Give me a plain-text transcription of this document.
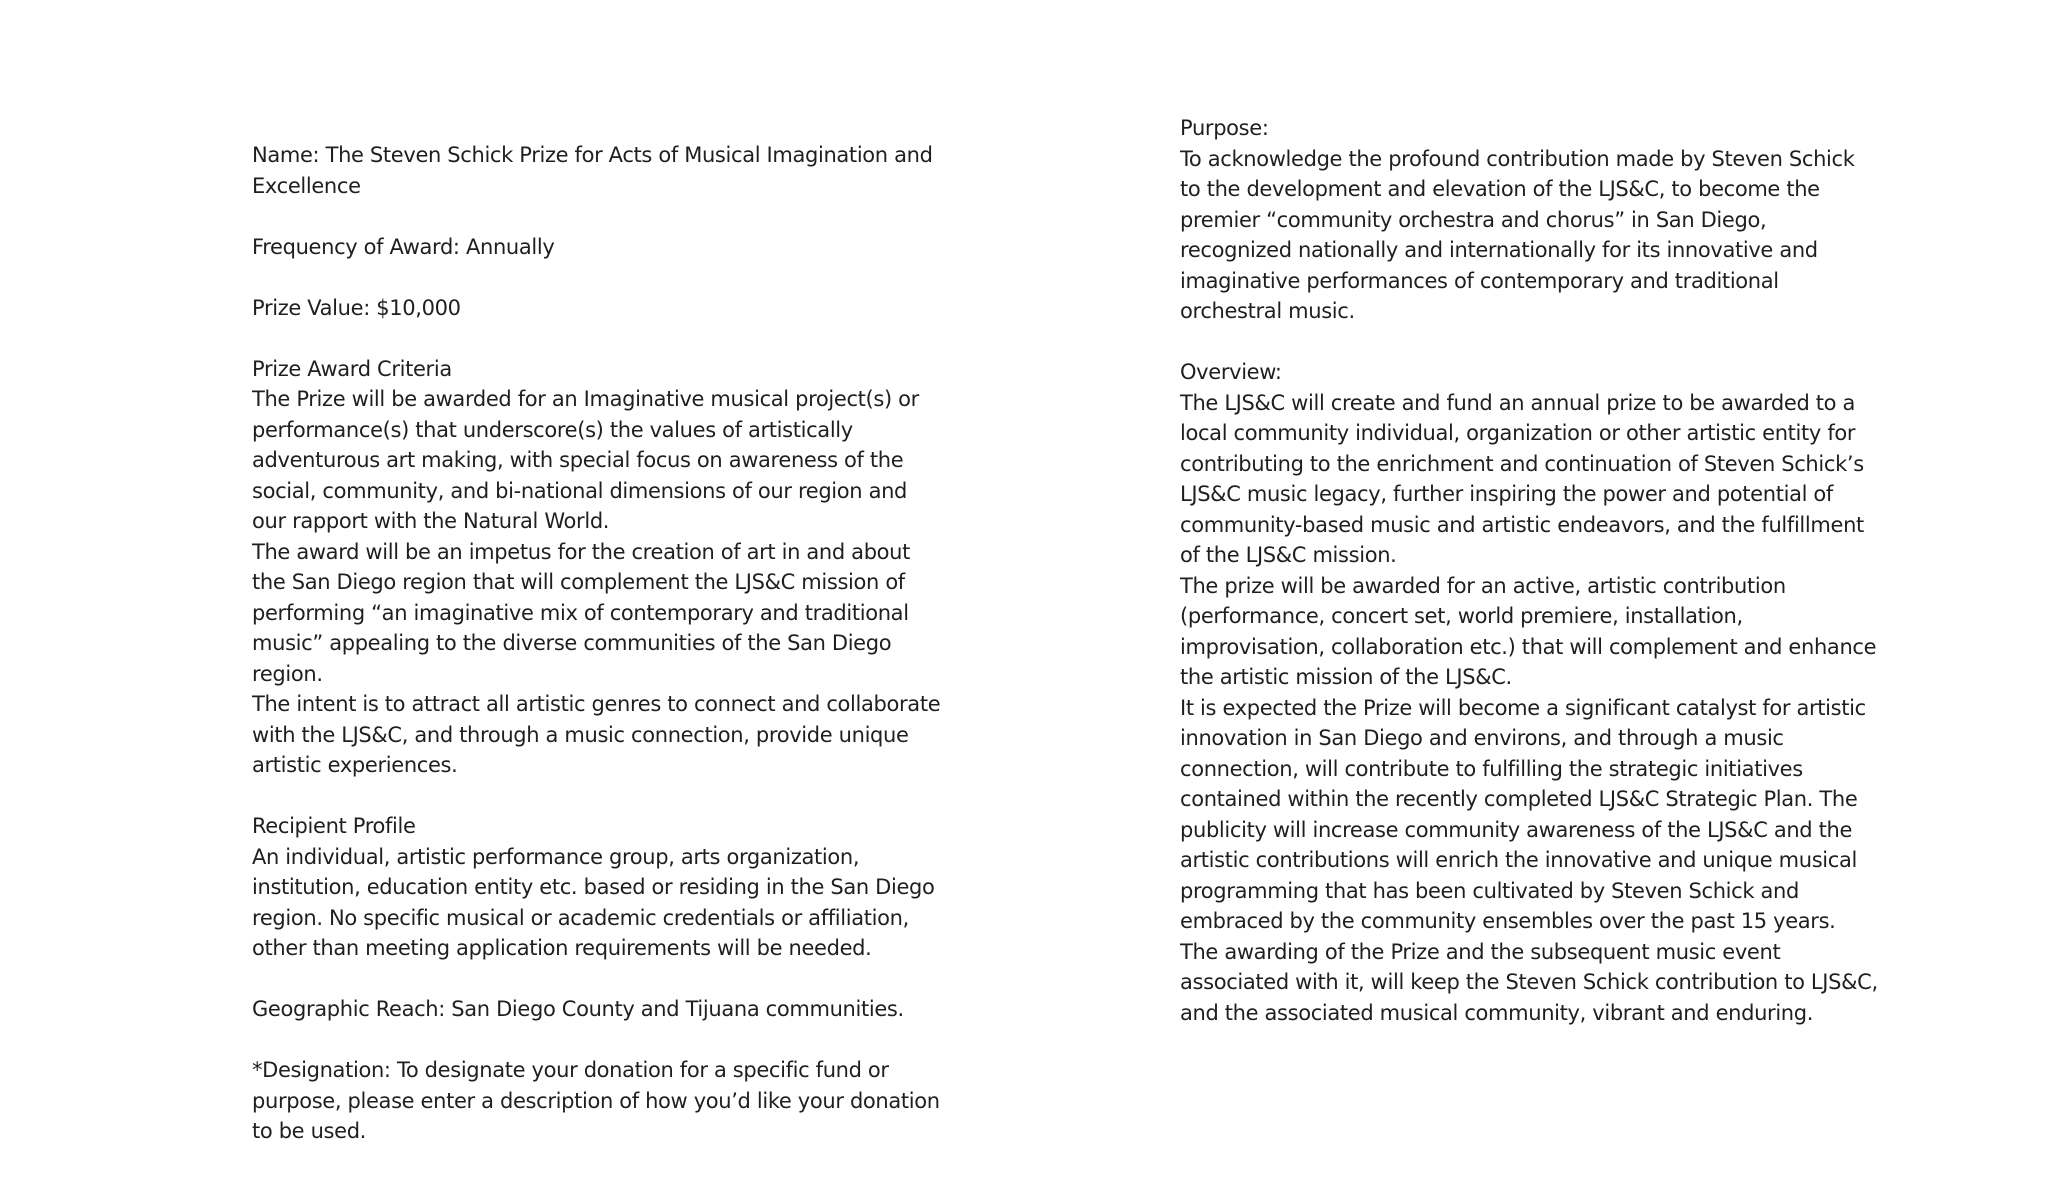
Name: The Steven Schick Prize for Acts of Musical Imagination and Excellence

Frequency of Award: Annually

Prize Value: $10,000

Prize Award Criteria

The Prize will be awarded for an Imaginative musical project(s) or performance(s) that underscore(s) the values of artistically adventurous art making, with special focus on awareness of the social, community, and bi-national dimensions of our region and our rapport with the Natural World.

The award will be an impetus for the creation of art in and about the San Diego region that will complement the LJS&C mission of performing “an imaginative mix of contemporary and traditional music” appealing to the diverse communities of the San Diego region.

The intent is to attract all artistic genres to connect and collaborate with the LJS&C, and through a music connection, provide unique artistic experiences.

Recipient Profile

An individual, artistic performance group, arts organization, institution, education entity etc. based or residing in the San Diego region. No specific musical or academic credentials or affiliation, other than meeting application requirements will be needed.

Geographic Reach: San Diego County and Tijuana communities.

*Designation: To designate your donation for a specific fund or purpose, please enter a description of how you’d like your donation to be used.

Purpose:

To acknowledge the profound contribution made by Steven Schick to the development and elevation of the LJS&C, to become the premier “community orchestra and chorus” in San Diego, recognized nationally and internationally for its innovative and imaginative performances of contemporary and traditional orchestral music.

Overview:

The LJS&C will create and fund an annual prize to be awarded to a local community individual, organization or other artistic entity for contributing to the enrichment and continuation of Steven Schick’s LJS&C music legacy, further inspiring the power and potential of community-based music and artistic endeavors, and the fulfillment of the LJS&C mission.

The prize will be awarded for an active, artistic contribution (performance, concert set, world premiere, installation, improvisation, collaboration etc.) that will complement and enhance the artistic mission of the LJS&C.

It is expected the Prize will become a significant catalyst for artistic innovation in San Diego and environs, and through a music connection, will contribute to fulfilling the strategic initiatives contained within the recently completed LJS&C Strategic Plan. The publicity will increase community awareness of the LJS&C and the artistic contributions will enrich the innovative and unique musical programming that has been cultivated by Steven Schick and embraced by the community ensembles over the past 15 years.

The awarding of the Prize and the subsequent music event associated with it, will keep the Steven Schick contribution to LJS&C, and the associated musical community, vibrant and enduring.
